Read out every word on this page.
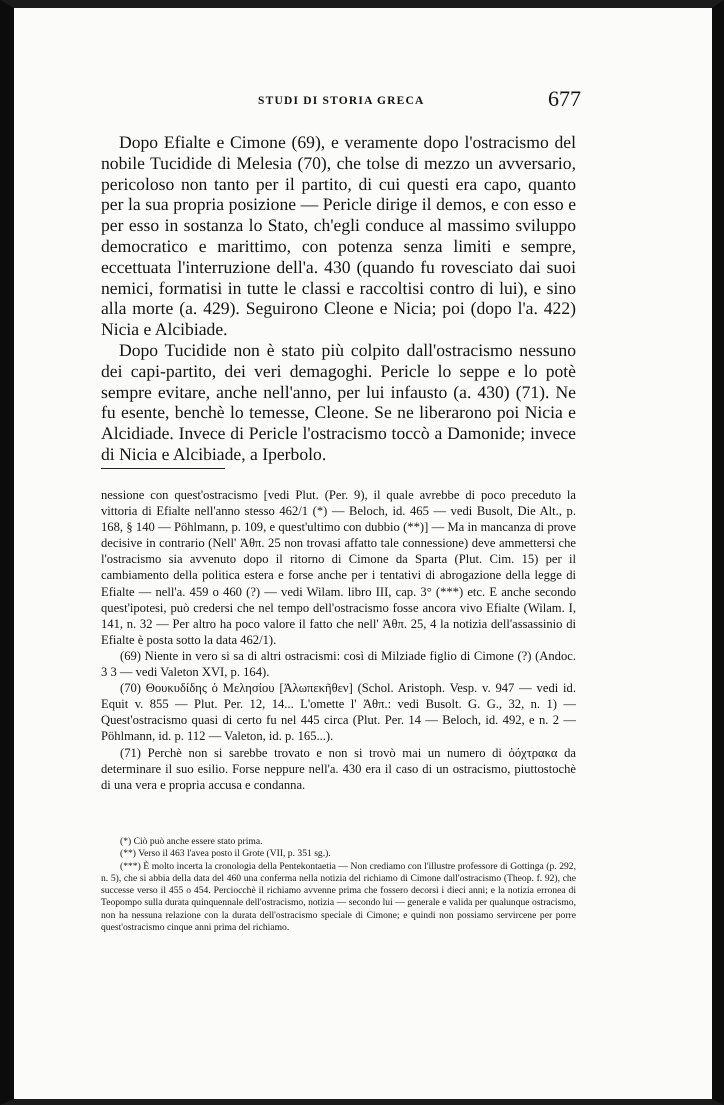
STUDI DI STORIA GRECA	677

Dopo Efialte e Cimone (69), e veramente dopo l'ostracismo del nobile Tucidide di Melesia (70), che tolse di mezzo un avversario, pericoloso non tanto per il partito, di cui questi era capo, quanto per la sua propria posizione — Pericle dirige il demos, e con esso e per esso in sostanza lo Stato, ch'egli conduce al massimo sviluppo democratico e marittimo, con potenza senza limiti e sempre, eccettuata l'interruzione dell'a. 430 (quando fu rovesciato dai suoi nemici, formatisi in tutte le classi e raccoltisi contro di lui), e sino alla morte (a. 429). Seguirono Cleone e Nicia; poi (dopo l'a. 422) Nicia e Alcibiade.

Dopo Tucidide non è stato più colpito dall'ostracismo nessuno dei capi-partito, dei veri demagoghi. Pericle lo seppe e lo potè sempre evitare, anche nell'anno, per lui infausto (a. 430) (71). Ne fu esente, benchè lo temesse, Cleone. Se ne liberarono poi Nicia e Alcidiade. Invece di Pericle l'ostracismo toccò a Damonide; invece di Nicia e Alcibiade, a Iperbolo.

nessione con quest'ostracismo [vedi Plut. (Per. 9), il quale avrebbe di poco preceduto la vittoria di Efialte nell'anno stesso 462/1 (*) — Beloch, id. 465 — vedi Busolt, Die Alt., p. 168, § 140 — Pöhlmann, p. 109, e quest'ultimo con dubbio (**)] — Ma in mancanza di prove decisive in contrario (Nell' Ἀθπ. 25 non trovasi affatto tale connessione) deve ammettersi che l'ostracismo sia avvenuto dopo il ritorno di Cimone da Sparta (Plut. Cim. 15) per il cambiamento della politica estera e forse anche per i tentativi di abrogazione della legge di Efialte — nell'a. 459 o 460 (?) — vedi Wilam. libro III, cap. 3° (***) etc. E anche secondo quest'ipotesi, può credersi che nel tempo dell'ostracismo fosse ancora vivo Efialte (Wilam. I, 141, n. 32 — Per altro ha poco valore il fatto che nell' Ἀθπ. 25, 4 la notizia dell'assassinio di Efialte è posta sotto la data 462/1).

(69) Niente in vero si sa di altri ostracismi: così di Milziade figlio di Cimone (?) (Andoc. 3 3 — vedi Valeton XVI, p. 164).

(70) Θουκυδίδης ὁ Μελησίου [Ἀλωπεκῆθεν] (Schol. Aristoph. Vesp. v. 947 — vedi id. Equit v. 855 — Plut. Per. 12, 14... L'omette l' Ἀθπ.: vedi Busolt. G. G., 32, n. 1) — Quest'ostracismo quasi di certo fu nel 445 circa (Plut. Per. 14 — Beloch, id. 492, e n. 2 — Pöhlmann, id. p. 112 — Valeton, id. p. 165...).

(71) Perchè non si sarebbe trovato e non si trovò mai un numero di ὀόχτρακα da determinare il suo esilio. Forse neppure nell'a. 430 era il caso di un ostracismo, piuttostochè di una vera e propria accusa e condanna.

(*) Ciò può anche essere stato prima.

(**) Verso il 463 l'avea posto il Grote (VII, p. 351 sg.).

(***) È molto incerta la cronologia della Pentekontaetia — Non crediamo con l'illustre professore di Gottinga (p. 292, n. 5), che si abbia della data del 460 una conferma nella notizia del richiamo di Cimone dall'ostracismo (Theop. f. 92), che successe verso il 455 o 454. Perciocchè il richiamo avvenne prima che fossero decorsi i dieci anni; e la notizia erronea di Teopompo sulla durata quinquennale dell'ostracismo, notizia — secondo lui — generale e valida per qualunque ostracismo, non ha nessuna relazione con la durata dell'ostracismo speciale di Cimone; e quindi non possiamo servircene per porre quest'ostracismo cinque anni prima del richiamo.
